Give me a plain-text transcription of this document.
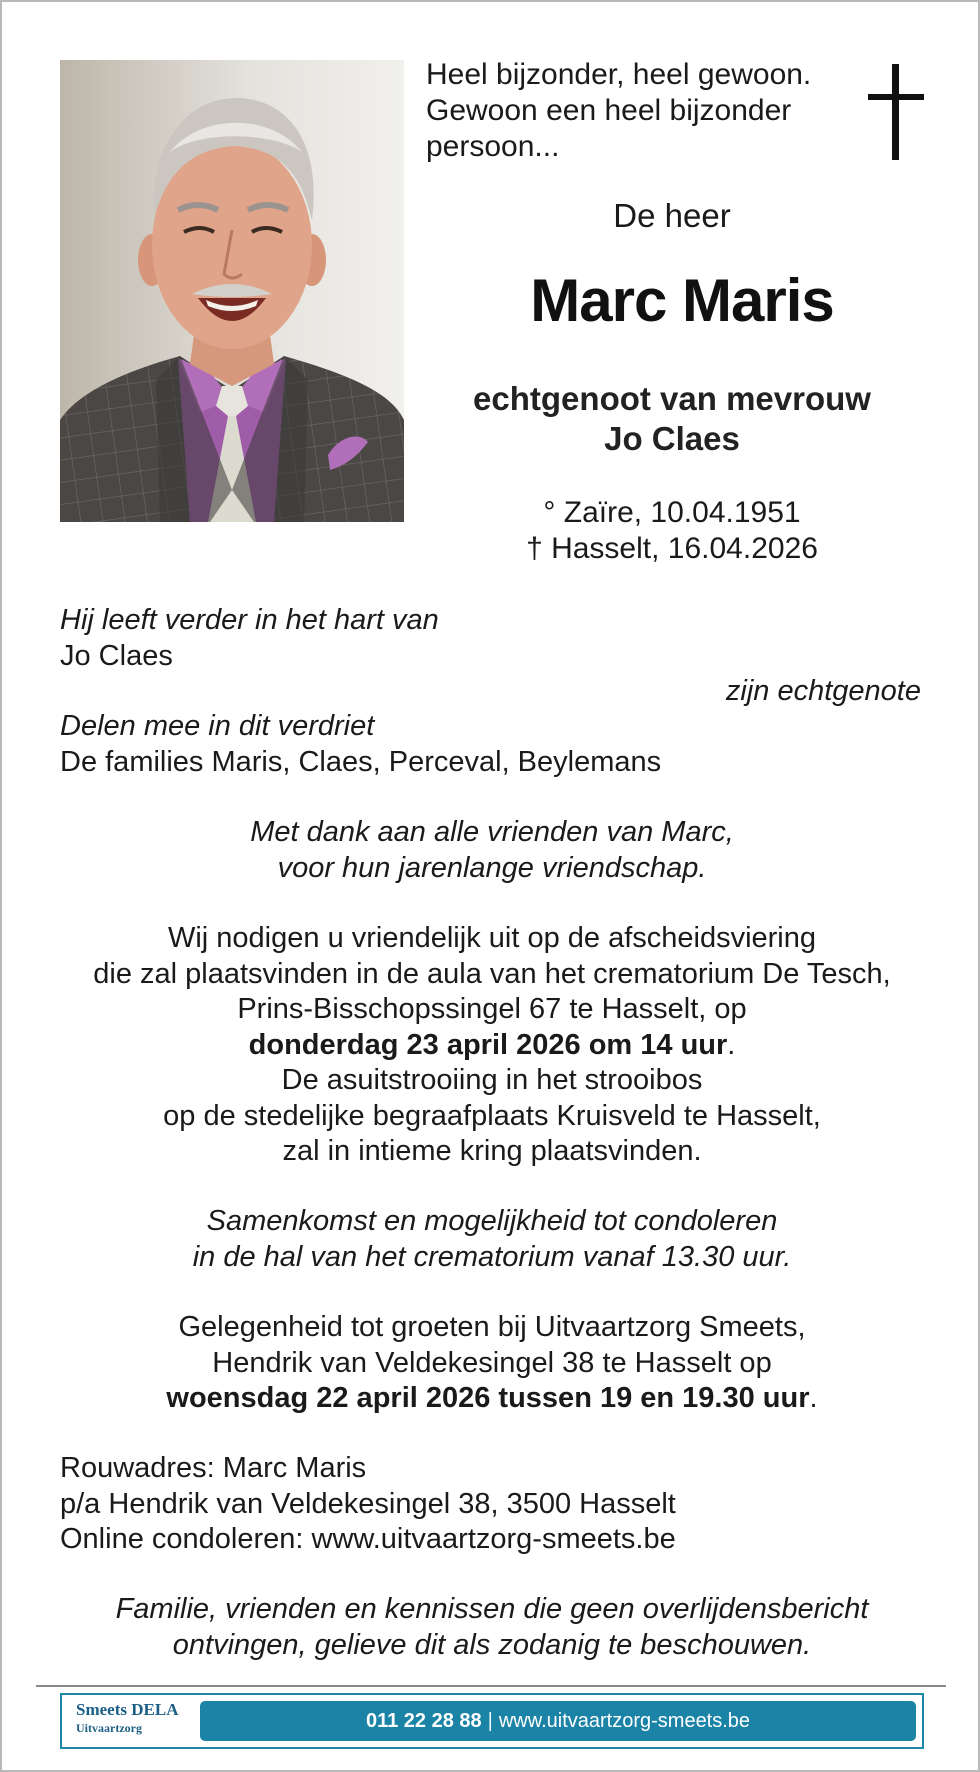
Heel bijzonder, heel gewoon.
Gewoon een heel bijzonder
persoon...
De heer
Marc Maris
echtgenoot van mevrouw
Jo Claes
° Zaïre, 10.04.1951
† Hasselt, 16.04.2026
Hij leeft verder in het hart van
Jo Claes
zijn echtgenote
Delen mee in dit verdriet
De families Maris, Claes, Perceval, Beylemans
Met dank aan alle vrienden van Marc,
voor hun jarenlange vriendschap.
Wij nodigen u vriendelijk uit op de afscheidsviering
die zal plaatsvinden in de aula van het crematorium De Tesch,
Prins-Bisschopssingel 67 te Hasselt, op
donderdag 23 april 2026 om 14 uur.
De asuitstrooiing in het strooibos
op de stedelijke begraafplaats Kruisveld te Hasselt,
zal in intieme kring plaatsvinden.
Samenkomst en mogelijkheid tot condoleren
in de hal van het crematorium vanaf 13.30 uur.
Gelegenheid tot groeten bij Uitvaartzorg Smeets,
Hendrik van Veldekesingel 38 te Hasselt op
woensdag 22 april 2026 tussen 19 en 19.30 uur.
Rouwadres: Marc Maris
p/a Hendrik van Veldekesingel 38, 3500 Hasselt
Online condoleren: www.uitvaartzorg-smeets.be
Familie, vrienden en kennissen die geen overlijdensbericht
ontvingen, gelieve dit als zodanig te beschouwen.
Smeets DELA
Uitvaartzorg	011 22 28 88 | www.uitvaartzorg-smeets.be
